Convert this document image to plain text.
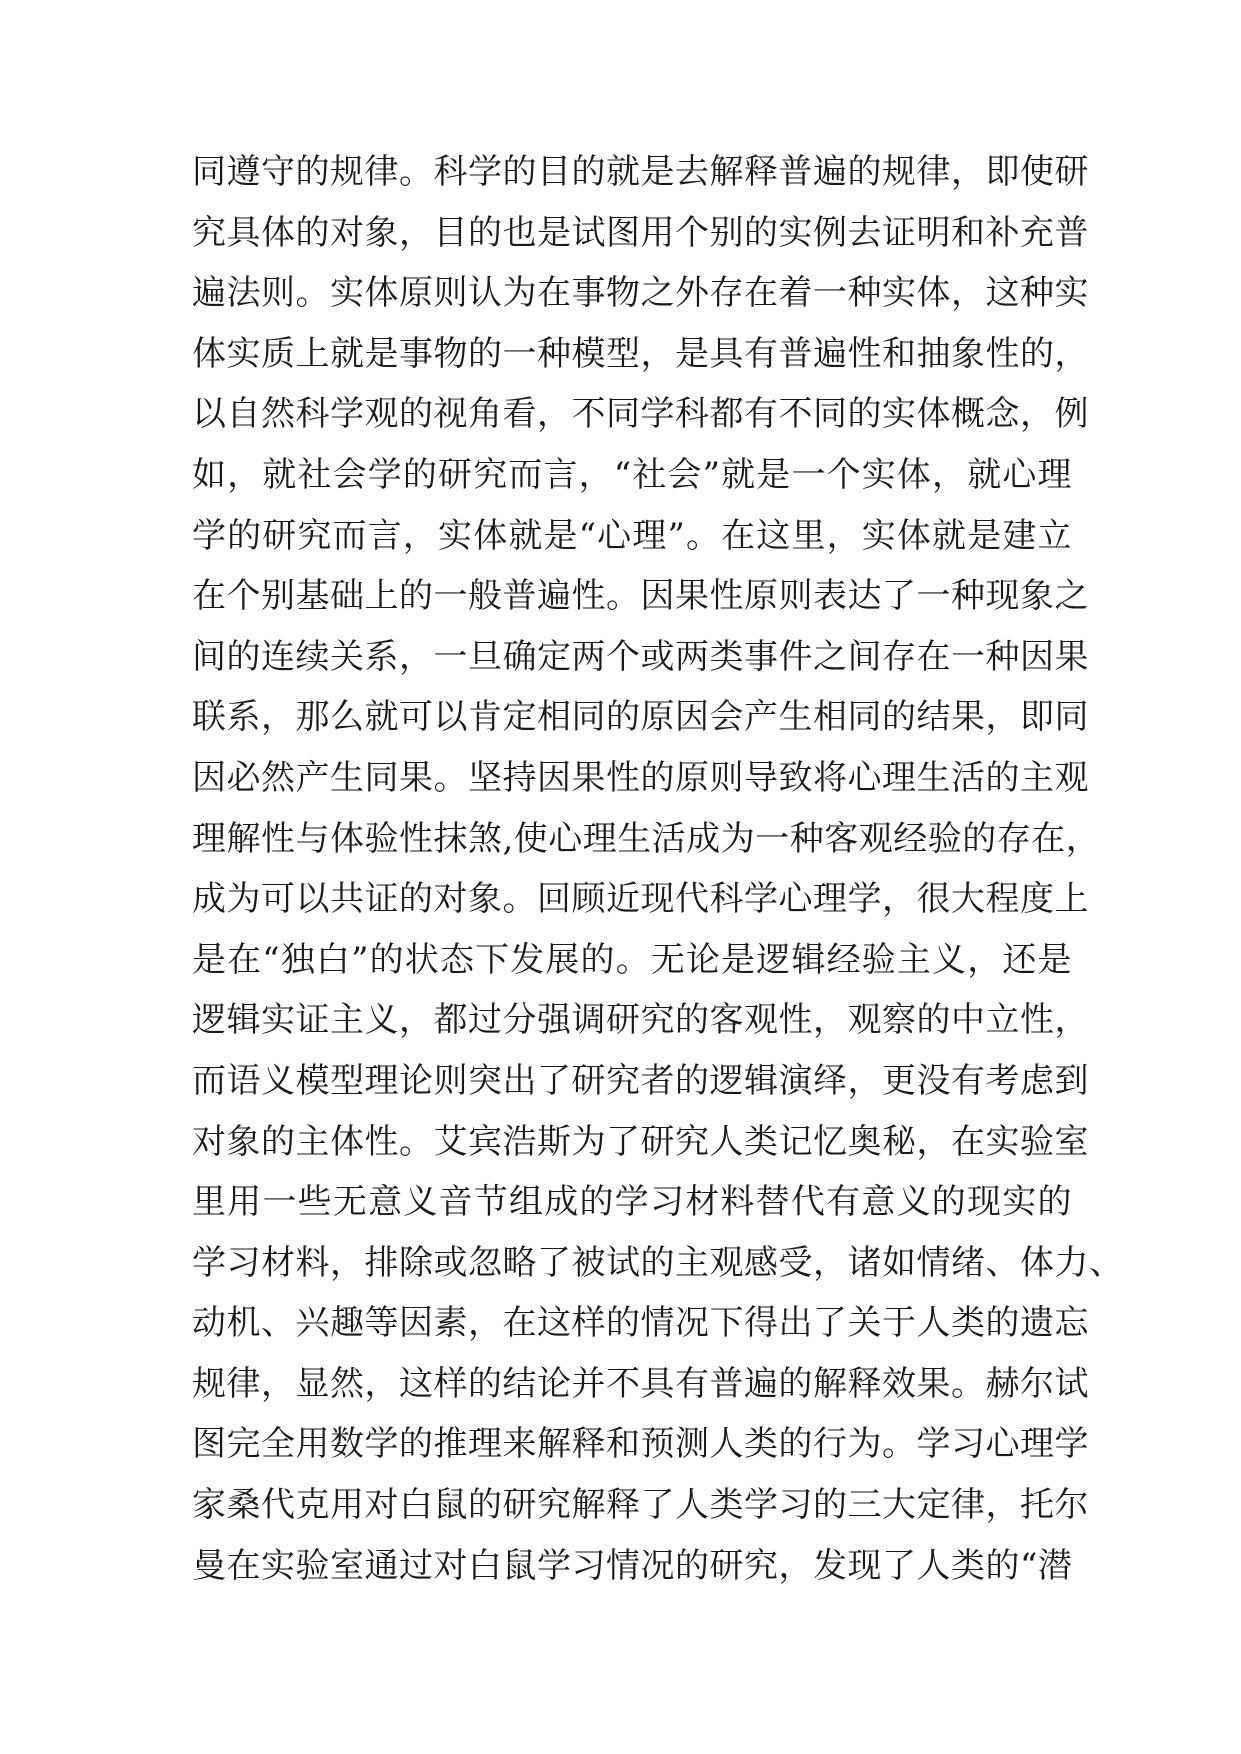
同遵守的规律。科学的目的就是去解释普遍的规律，即使研
究具体的对象，目的也是试图用个别的实例去证明和补充普
遍法则。实体原则认为在事物之外存在着一种实体，这种实
体实质上就是事物的一种模型，是具有普遍性和抽象性的，
以自然科学观的视角看，不同学科都有不同的实体概念，例
如，就社会学的研究而言，“社会”就是一个实体，就心理
学的研究而言，实体就是“心理”。在这里，实体就是建立
在个别基础上的一般普遍性。因果性原则表达了一种现象之
间的连续关系，一旦确定两个或两类事件之间存在一种因果
联系，那么就可以肯定相同的原因会产生相同的结果，即同
因必然产生同果。坚持因果性的原则导致将心理生活的主观
理解性与体验性抹煞,使心理生活成为一种客观经验的存在，
成为可以共证的对象。回顾近现代科学心理学，很大程度上
是在“独白”的状态下发展的。无论是逻辑经验主义，还是
逻辑实证主义，都过分强调研究的客观性，观察的中立性，
而语义模型理论则突出了研究者的逻辑演绎，更没有考虑到
对象的主体性。艾宾浩斯为了研究人类记忆奥秘，在实验室
里用一些无意义音节组成的学习材料替代有意义的现实的
学习材料，排除或忽略了被试的主观感受，诸如情绪、体力、
动机、兴趣等因素，在这样的情况下得出了关于人类的遗忘
规律，显然，这样的结论并不具有普遍的解释效果。赫尔试
图完全用数学的推理来解释和预测人类的行为。学习心理学
家桑代克用对白鼠的研究解释了人类学习的三大定律，托尔
曼在实验室通过对白鼠学习情况的研究，发现了人类的“潜
